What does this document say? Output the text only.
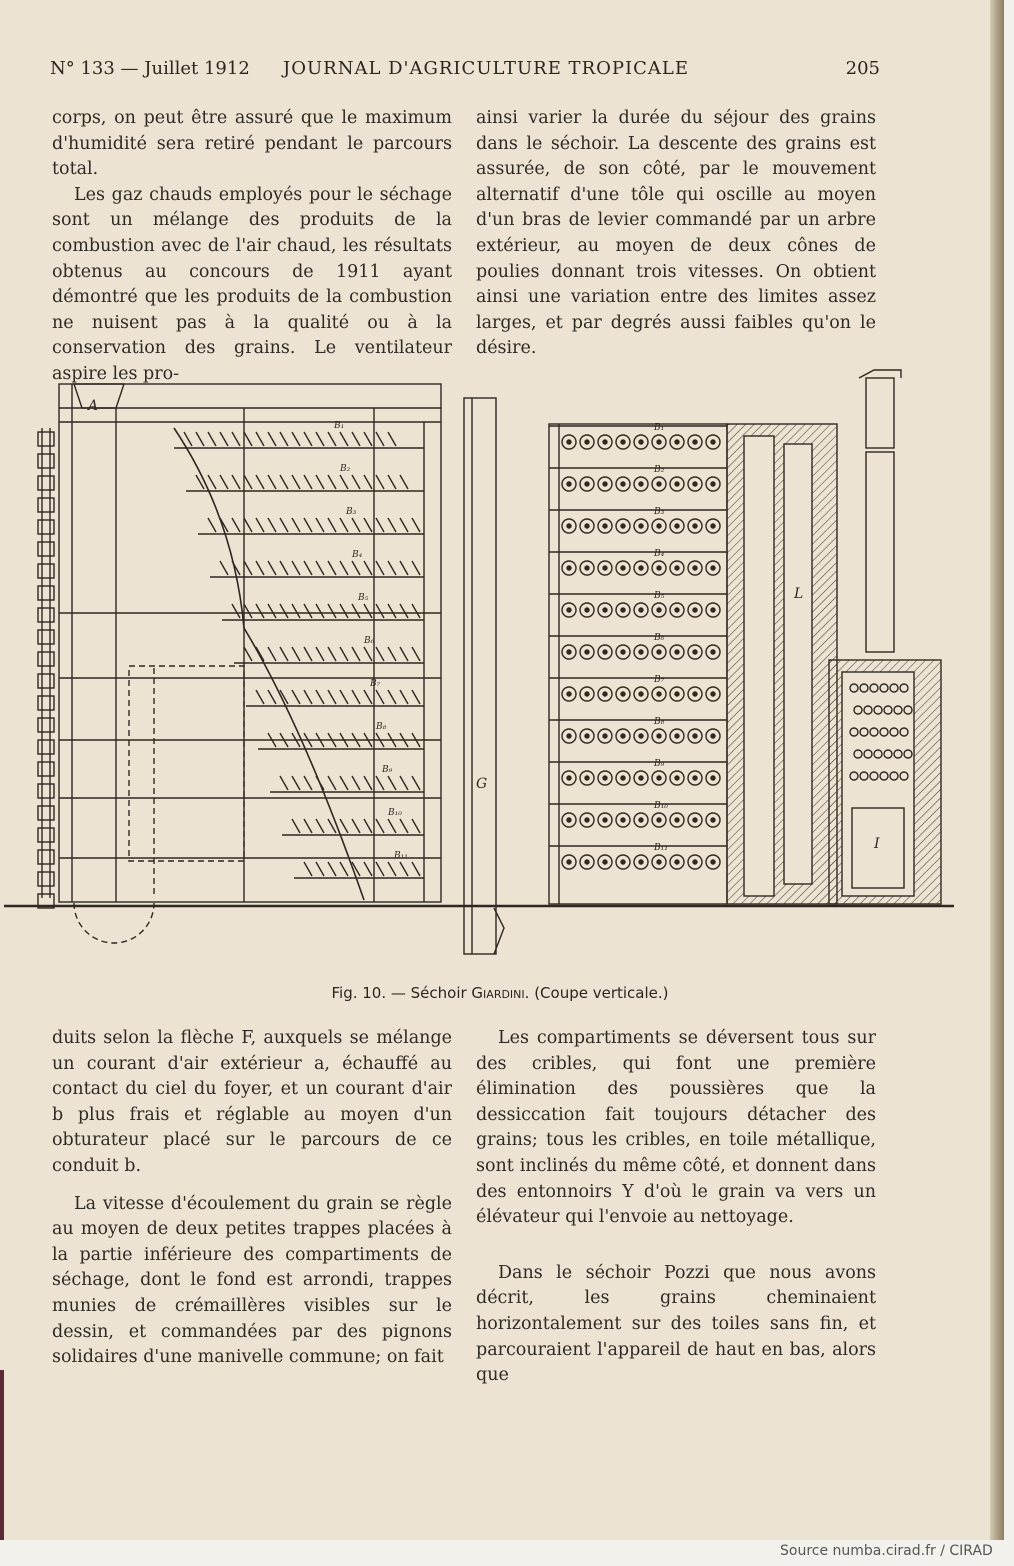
N° 133 — Juillet 1912 JOURNAL D'AGRICULTURE TROPICALE	205

corps, on peut être assuré que le maximum d'humidité sera retiré pendant le parcours total.

Les gaz chauds employés pour le séchage sont un mélange des produits de la combustion avec de l'air chaud, les résultats obtenus au concours de 1911 ayant démontré que les produits de la combustion ne nuisent pas à la qualité ou à la conservation des grains. Le ventilateur aspire les pro-

ainsi varier la durée du séjour des grains dans le séchoir. La descente des grains est assurée, de son côté, par le mouvement alternatif d'une tôle qui oscille au moyen d'un bras de levier commandé par un arbre extérieur, au moyen de deux cônes de poulies donnant trois vitesses. On obtient ainsi une variation entre des limites assez larges, et par degrés aussi faibles qu'on le désire.

A
G
L
I
B₁
B₂
B₃
B₄
B₅
B₆
B₇
B₈
B₉
B₁₀
B₁₁
B₁
B₂
B₃
B₄
B₅
B₆
B₇
B₈
B₉
B₁₀
B₁₁
Fig. 10. — Séchoir Giardini. (Coupe verticale.)

duits selon la flèche F, auxquels se mélange un courant d'air extérieur a, échauffé au contact du ciel du foyer, et un courant d'air b plus frais et réglable au moyen d'un obturateur placé sur le parcours de ce conduit b.

La vitesse d'écoulement du grain se règle au moyen de deux petites trappes placées à la partie inférieure des compartiments de séchage, dont le fond est arrondi, trappes munies de crémaillères visibles sur le dessin, et commandées par des pignons solidaires d'une manivelle commune; on fait

Les compartiments se déversent tous sur des cribles, qui font une première élimination des poussières que la dessiccation fait toujours détacher des grains; tous les cribles, en toile métallique, sont inclinés du même côté, et donnent dans des entonnoirs Y d'où le grain va vers un élévateur qui l'envoie au nettoyage.

Dans le séchoir Pozzi que nous avons décrit, les grains cheminaient horizontalement sur des toiles sans fin, et parcouraient l'appareil de haut en bas, alors que

Source numba.cirad.fr / CIRAD
